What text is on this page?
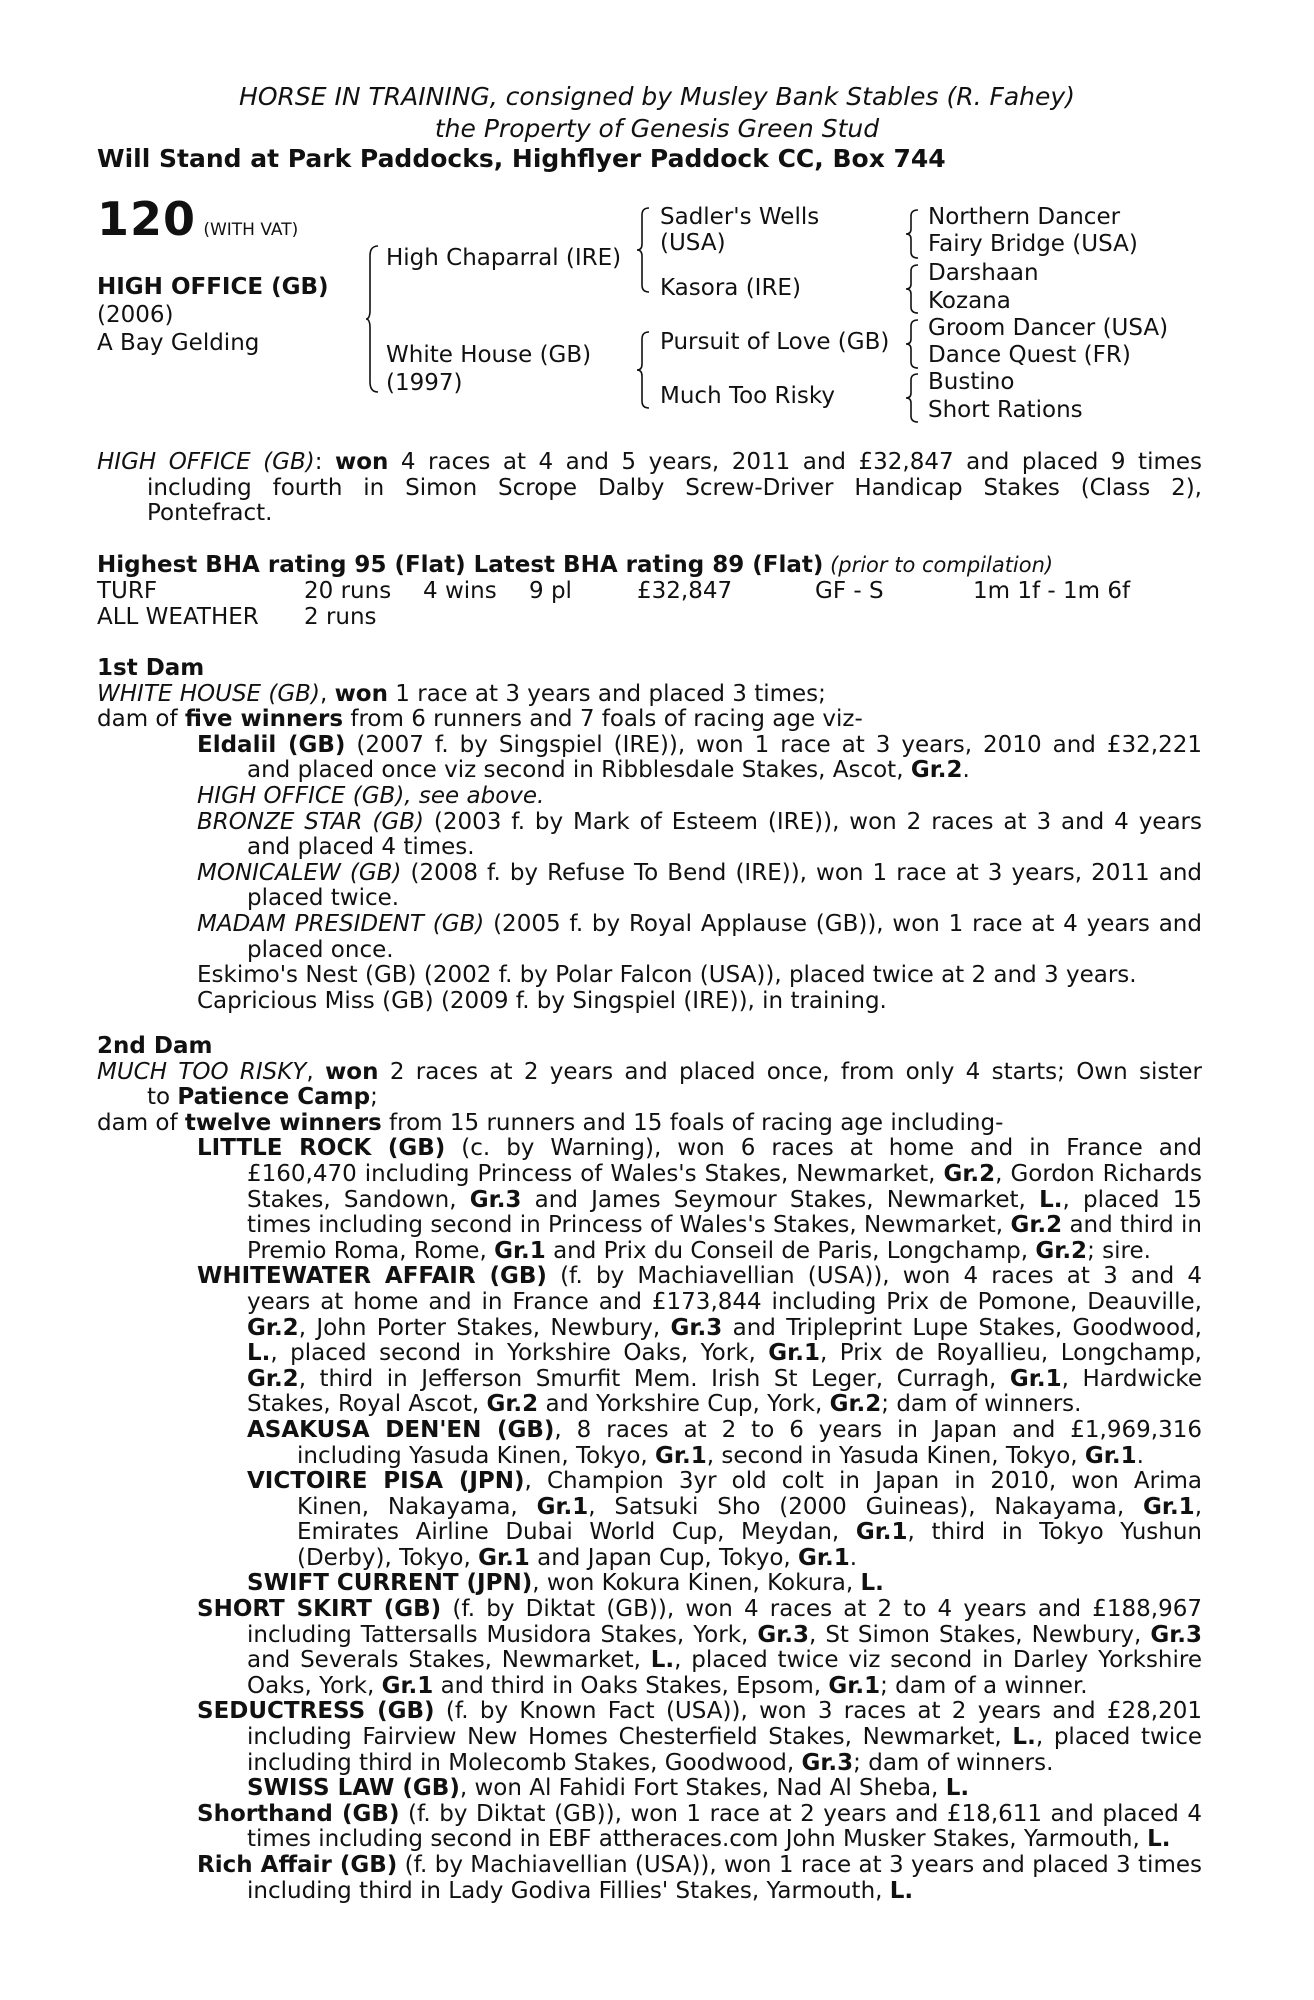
HORSE IN TRAINING, consigned by Musley Bank Stables (R. Fahey)
the Property of Genesis Green Stud
Will Stand at Park Paddocks, Highflyer Paddock CC, Box 744
120 (WITH VAT)
HIGH OFFICE (GB)
(2006)
A Bay Gelding
High Chaparral (IRE)
White House (GB)
(1997)
Sadler's Wells
(USA)
Kasora (IRE)
Pursuit of Love (GB)
Much Too Risky
Northern Dancer
Fairy Bridge (USA)
Darshaan
Kozana
Groom Dancer (USA)
Dance Quest (FR)
Bustino
Short Rations
HIGH OFFICE (GB): won 4 races at 4 and 5 years, 2011 and £32,847 and placed 9 times
including fourth in Simon Scrope Dalby Screw-Driver Handicap Stakes (Class 2),
Pontefract.
Highest BHA rating 95 (Flat) Latest BHA rating 89 (Flat) (prior to compilation)
TURF	20 runs 4 wins 9 pl	£32,847	GF - S	1m 1f - 1m 6f
ALL WEATHER 2 runs
1st Dam
WHITE HOUSE (GB), won 1 race at 3 years and placed 3 times;
dam of five winners from 6 runners and 7 foals of racing age viz-
Eldalil (GB) (2007 f. by Singspiel (IRE)), won 1 race at 3 years, 2010 and £32,221
and placed once viz second in Ribblesdale Stakes, Ascot, Gr.2.
HIGH OFFICE (GB), see above.
BRONZE STAR (GB) (2003 f. by Mark of Esteem (IRE)), won 2 races at 3 and 4 years
and placed 4 times.
MONICALEW (GB) (2008 f. by Refuse To Bend (IRE)), won 1 race at 3 years, 2011 and
placed twice.
MADAM PRESIDENT (GB) (2005 f. by Royal Applause (GB)), won 1 race at 4 years and
placed once.
Eskimo's Nest (GB) (2002 f. by Polar Falcon (USA)), placed twice at 2 and 3 years.
Capricious Miss (GB) (2009 f. by Singspiel (IRE)), in training.
2nd Dam
MUCH TOO RISKY, won 2 races at 2 years and placed once, from only 4 starts; Own sister
to Patience Camp;
dam of twelve winners from 15 runners and 15 foals of racing age including-
LITTLE ROCK (GB) (c. by Warning), won 6 races at home and in France and
£160,470 including Princess of Wales's Stakes, Newmarket, Gr.2, Gordon Richards
Stakes, Sandown, Gr.3 and James Seymour Stakes, Newmarket, L., placed 15
times including second in Princess of Wales's Stakes, Newmarket, Gr.2 and third in
Premio Roma, Rome, Gr.1 and Prix du Conseil de Paris, Longchamp, Gr.2; sire.
WHITEWATER AFFAIR (GB) (f. by Machiavellian (USA)), won 4 races at 3 and 4
years at home and in France and £173,844 including Prix de Pomone, Deauville,
Gr.2, John Porter Stakes, Newbury, Gr.3 and Tripleprint Lupe Stakes, Goodwood,
L., placed second in Yorkshire Oaks, York, Gr.1, Prix de Royallieu, Longchamp,
Gr.2, third in Jefferson Smurfit Mem. Irish St Leger, Curragh, Gr.1, Hardwicke
Stakes, Royal Ascot, Gr.2 and Yorkshire Cup, York, Gr.2; dam of winners.
ASAKUSA DEN'EN (GB), 8 races at 2 to 6 years in Japan and £1,969,316
including Yasuda Kinen, Tokyo, Gr.1, second in Yasuda Kinen, Tokyo, Gr.1.
VICTOIRE PISA (JPN), Champion 3yr old colt in Japan in 2010, won Arima
Kinen, Nakayama, Gr.1, Satsuki Sho (2000 Guineas), Nakayama, Gr.1,
Emirates Airline Dubai World Cup, Meydan, Gr.1, third in Tokyo Yushun
(Derby), Tokyo, Gr.1 and Japan Cup, Tokyo, Gr.1.
SWIFT CURRENT (JPN), won Kokura Kinen, Kokura, L.
SHORT SKIRT (GB) (f. by Diktat (GB)), won 4 races at 2 to 4 years and £188,967
including Tattersalls Musidora Stakes, York, Gr.3, St Simon Stakes, Newbury, Gr.3
and Severals Stakes, Newmarket, L., placed twice viz second in Darley Yorkshire
Oaks, York, Gr.1 and third in Oaks Stakes, Epsom, Gr.1; dam of a winner.
SEDUCTRESS (GB) (f. by Known Fact (USA)), won 3 races at 2 years and £28,201
including Fairview New Homes Chesterfield Stakes, Newmarket, L., placed twice
including third in Molecomb Stakes, Goodwood, Gr.3; dam of winners.
SWISS LAW (GB), won Al Fahidi Fort Stakes, Nad Al Sheba, L.
Shorthand (GB) (f. by Diktat (GB)), won 1 race at 2 years and £18,611 and placed 4
times including second in EBF attheraces.com John Musker Stakes, Yarmouth, L.
Rich Affair (GB) (f. by Machiavellian (USA)), won 1 race at 3 years and placed 3 times
including third in Lady Godiva Fillies' Stakes, Yarmouth, L.
